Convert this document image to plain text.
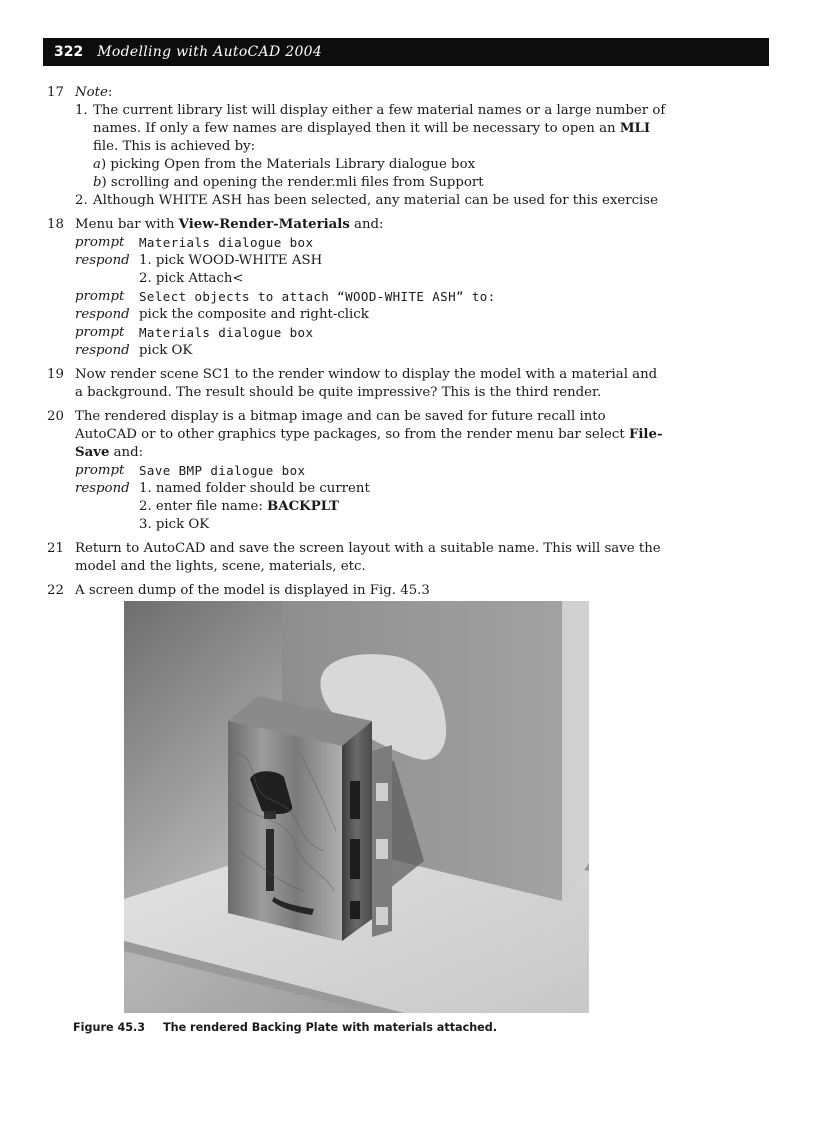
322 Modelling with AutoCAD 2004
17 Note:
1. The current library list will display either a few material names or a large number of names. If only a few names are displayed then it will be necessary to open an MLI file. This is achieved by:
a) picking Open from the Materials Library dialogue box
b) scrolling and opening the render.mli files from Support
2. Although WHITE ASH has been selected, any material can be used for this exercise
18 Menu bar with View-Render-Materials and:
prompt	Materials dialogue box
respond 1. pick WOOD-WHITE ASH
2. pick Attach<
prompt	Select objects to attach “WOOD-WHITE ASH” to:
respond pick the composite and right-click
prompt	Materials dialogue box
respond pick OK
19 Now render scene SC1 to the render window to display the model with a material and a background. The result should be quite impressive? This is the third render.
20 The rendered display is a bitmap image and can be saved for future recall into AutoCAD or to other graphics type packages, so from the render menu bar select File-Save and:
prompt	Save BMP dialogue box
respond 1. named folder should be current
2. enter file name: BACKPLT
3. pick OK
21 Return to AutoCAD and save the screen layout with a suitable name. This will save the model and the lights, scene, materials, etc.
22 A screen dump of the model is displayed in Fig. 45.3
Figure 45.3 The rendered Backing Plate with materials attached.
